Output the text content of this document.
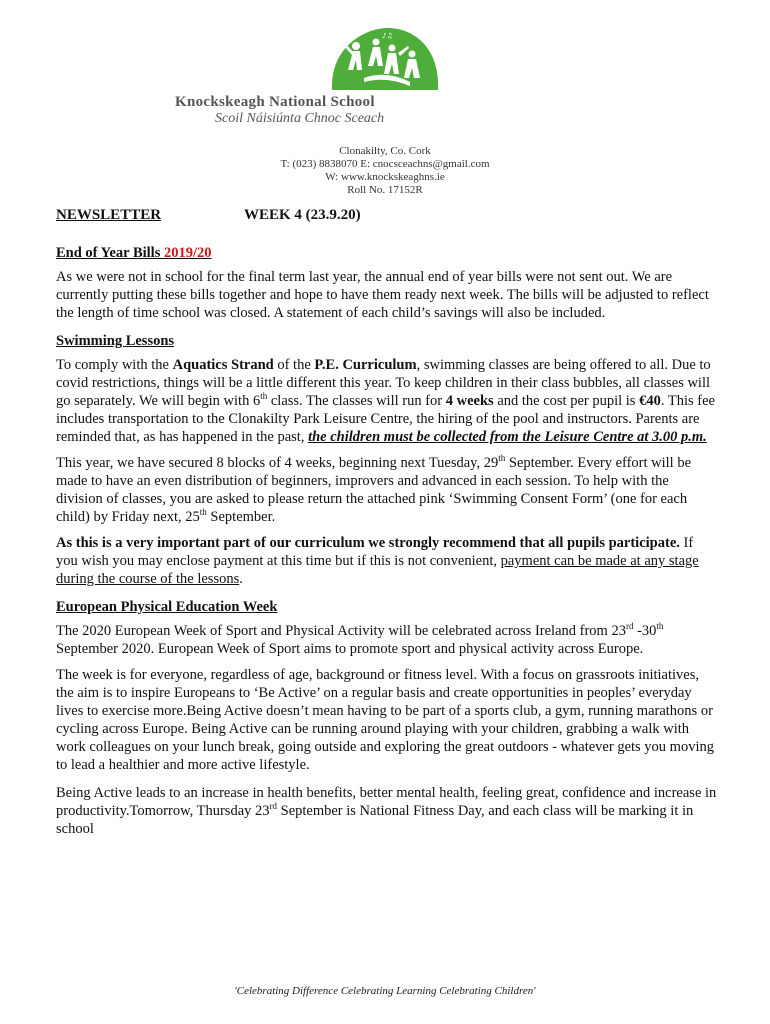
♪♫
Knockskeagh National School
Scoil Náisiúnta Chnoc Sceach
Clonakilty, Co. Cork
T: (023) 8838070 E: cnocsceachns@gmail.com
W: www.knockskeaghns.ie
Roll No. 17152R
NEWSLETTER	WEEK 4 (23.9.20)
End of Year Bills 2019/20

As we were not in school for the final term last year, the annual end of year bills were not sent out. We are currently putting these bills together and hope to have them ready next week. The bills will be adjusted to reflect the length of time school was closed. A statement of each child’s savings will also be included.

Swimming Lessons

To comply with the Aquatics Strand of the P.E. Curriculum, swimming classes are being offered to all. Due to covid restrictions, things will be a little different this year. To keep children in their class bubbles, all classes will go separately. We will begin with 6th class. The classes will run for 4 weeks and the cost per pupil is €40. This fee includes transportation to the Clonakilty Park Leisure Centre, the hiring of the pool and instructors. Parents are reminded that, as has happened in the past, the children must be collected from the Leisure Centre at 3.00 p.m.

This year, we have secured 8 blocks of 4 weeks, beginning next Tuesday, 29th September. Every effort will be made to have an even distribution of beginners, improvers and advanced in each session. To help with the division of classes, you are asked to please return the attached pink ‘Swimming Consent Form’ (one for each child) by Friday next, 25th September.

As this is a very important part of our curriculum we strongly recommend that all pupils participate. If you wish you may enclose payment at this time but if this is not convenient, payment can be made at any stage during the course of the lessons.

European Physical Education Week

The 2020 European Week of Sport and Physical Activity will be celebrated across Ireland from 23rd -30th September 2020. European Week of Sport aims to promote sport and physical activity across Europe.

The week is for everyone, regardless of age, background or fitness level. With a focus on grassroots initiatives, the aim is to inspire Europeans to ‘Be Active’ on a regular basis and create opportunities in peoples’ everyday lives to exercise more.Being Active doesn’t mean having to be part of a sports club, a gym, running marathons or cycling across Europe. Being Active can be running around playing with your children, grabbing a walk with work colleagues on your lunch break, going outside and exploring the great outdoors - whatever gets you moving to lead a healthier and more active lifestyle.

Being Active leads to an increase in health benefits, better mental health, feeling great, confidence and increase in productivity.Tomorrow, Thursday 23rd September is National Fitness Day, and each class will be marking it in school

'Celebrating Difference Celebrating Learning Celebrating Children'
